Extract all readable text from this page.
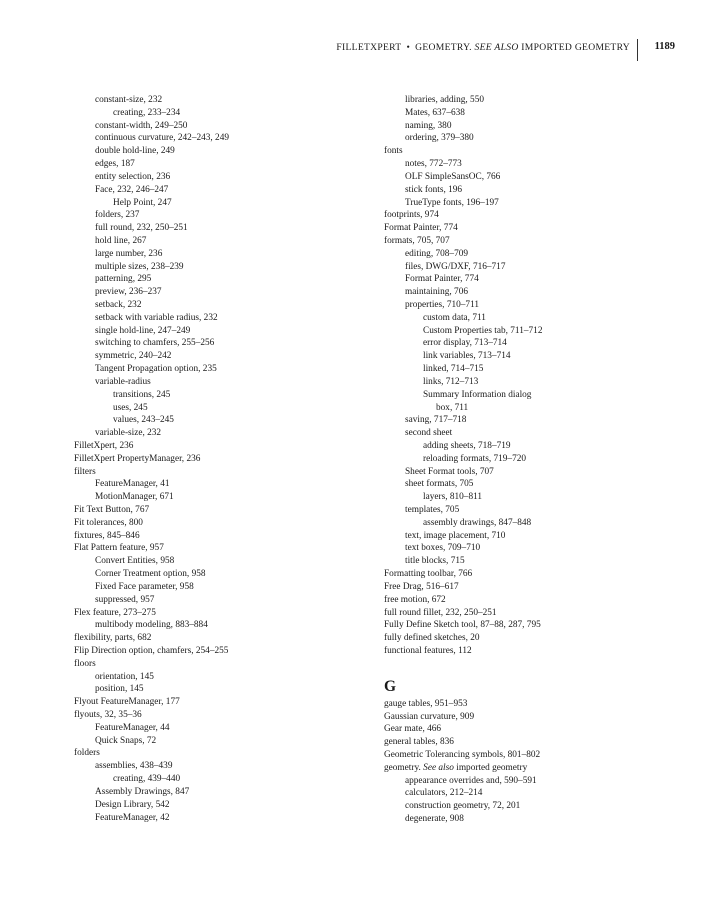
FILLETXPERT • GEOMETRY. SEE ALSO IMPORTED GEOMETRY 1189
constant-size, 232
creating, 233–234
constant-width, 249–250
continuous curvature, 242–243, 249
double hold-line, 249
edges, 187
entity selection, 236
Face, 232, 246–247
Help Point, 247
folders, 237
full round, 232, 250–251
hold line, 267
large number, 236
multiple sizes, 238–239
patterning, 295
preview, 236–237
setback, 232
setback with variable radius, 232
single hold-line, 247–249
switching to chamfers, 255–256
symmetric, 240–242
Tangent Propagation option, 235
variable-radius
transitions, 245
uses, 245
values, 243–245
variable-size, 232
FilletXpert, 236
FilletXpert PropertyManager, 236
filters
FeatureManager, 41
MotionManager, 671
Fit Text Button, 767
Fit tolerances, 800
fixtures, 845–846
Flat Pattern feature, 957
Convert Entities, 958
Corner Treatment option, 958
Fixed Face parameter, 958
suppressed, 957
Flex feature, 273–275
multibody modeling, 883–884
flexibility, parts, 682
Flip Direction option, chamfers, 254–255
floors
orientation, 145
position, 145
Flyout FeatureManager, 177
flyouts, 32, 35–36
FeatureManager, 44
Quick Snaps, 72
folders
assemblies, 438–439
creating, 439–440
Assembly Drawings, 847
Design Library, 542
FeatureManager, 42
libraries, adding, 550
Mates, 637–638
naming, 380
ordering, 379–380
fonts
notes, 772–773
OLF SimpleSansOC, 766
stick fonts, 196
TrueType fonts, 196–197
footprints, 974
Format Painter, 774
formats, 705, 707
editing, 708–709
files, DWG/DXF, 716–717
Format Painter, 774
maintaining, 706
properties, 710–711
custom data, 711
Custom Properties tab, 711–712
error display, 713–714
link variables, 713–714
linked, 714–715
links, 712–713
Summary Information dialog
box, 711
saving, 717–718
second sheet
adding sheets, 718–719
reloading formats, 719–720
Sheet Format tools, 707
sheet formats, 705
layers, 810–811
templates, 705
assembly drawings, 847–848
text, image placement, 710
text boxes, 709–710
title blocks, 715
Formatting toolbar, 766
Free Drag, 516–617
free motion, 672
full round fillet, 232, 250–251
Fully Define Sketch tool, 87–88, 287, 795
fully defined sketches, 20
functional features, 112
G
gauge tables, 951–953
Gaussian curvature, 909
Gear mate, 466
general tables, 836
Geometric Tolerancing symbols, 801–802
geometry. See also imported geometry
appearance overrides and, 590–591
calculators, 212–214
construction geometry, 72, 201
degenerate, 908
